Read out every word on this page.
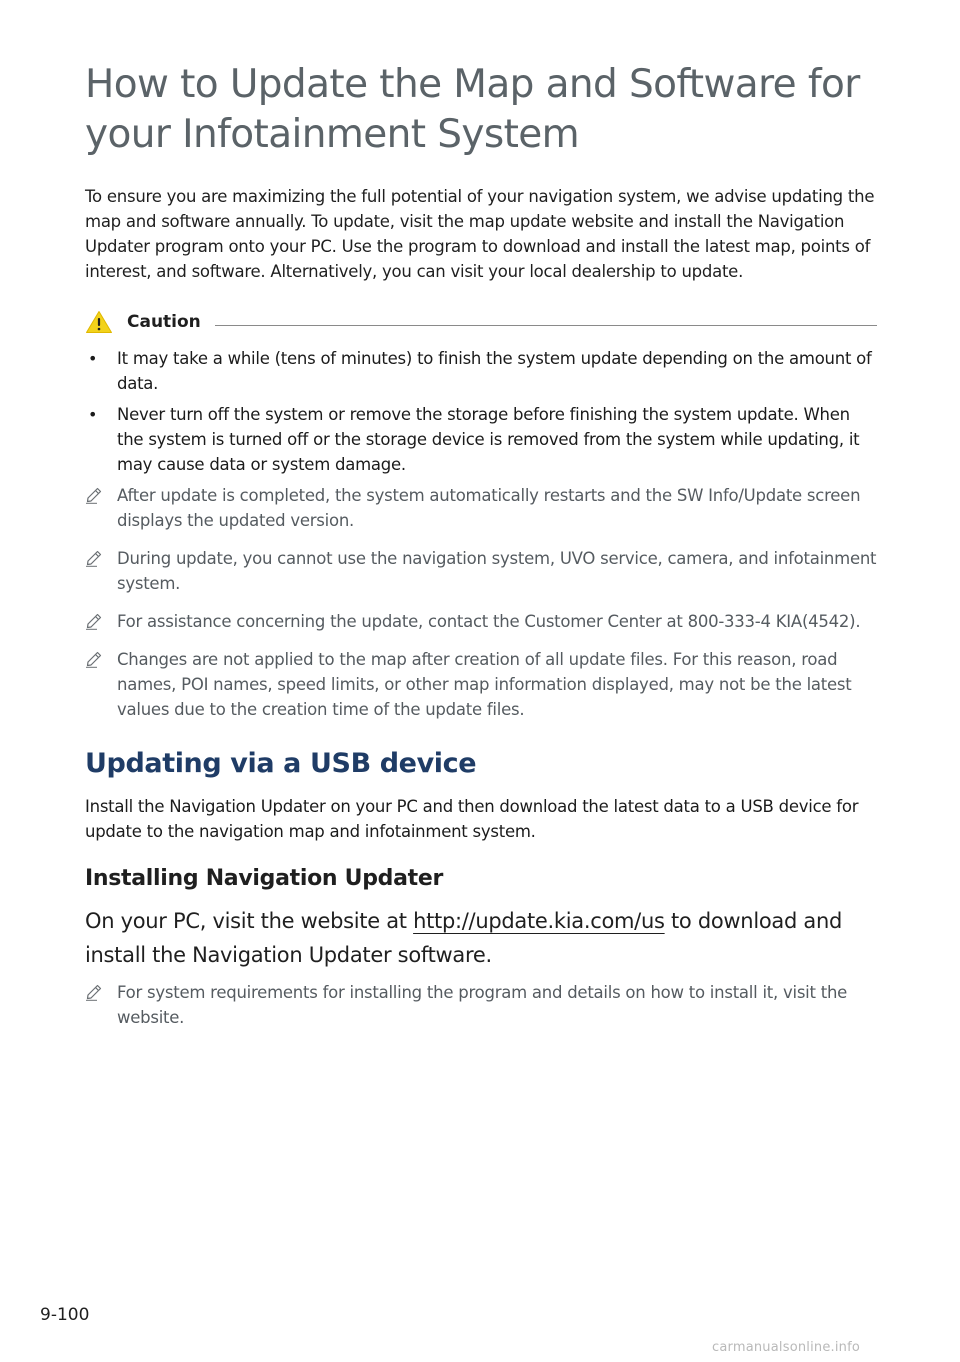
How to Update the Map and Software for
your Infotainment System

To ensure you are maximizing the full potential of your navigation system, we advise updating the map and software annually. To update, visit the map update website and install the Navigation Updater program onto your PC. Use the program to download and install the latest map, points of interest, and software. Alternatively, you can visit your local dealership to update.

Caution
• It may take a while (tens of minutes) to finish the system update depending on the amount of data.
• Never turn off the system or remove the storage before finishing the system update. When the system is turned off or the storage device is removed from the system while updating, it may cause data or system damage.
After update is completed, the system automatically restarts and the SW Info/Update screen displays the updated version.
During update, you cannot use the navigation system, UVO service, camera, and infotainment system.
For assistance concerning the update, contact the Customer Center at 800-333-4 KIA(4542).
Changes are not applied to the map after creation of all update files. For this reason, road names, POI names, speed limits, or other map information displayed, may not be the latest values due to the creation time of the update files.
Updating via a USB device

Install the Navigation Updater on your PC and then download the latest data to a USB device for update to the navigation map and infotainment system.

Installing Navigation Updater

On your PC, visit the website at http://update.kia.com/us to download and install the Navigation Updater software.

For system requirements for installing the program and details on how to install it, visit the website.
9-100
carmanualsonline.info
